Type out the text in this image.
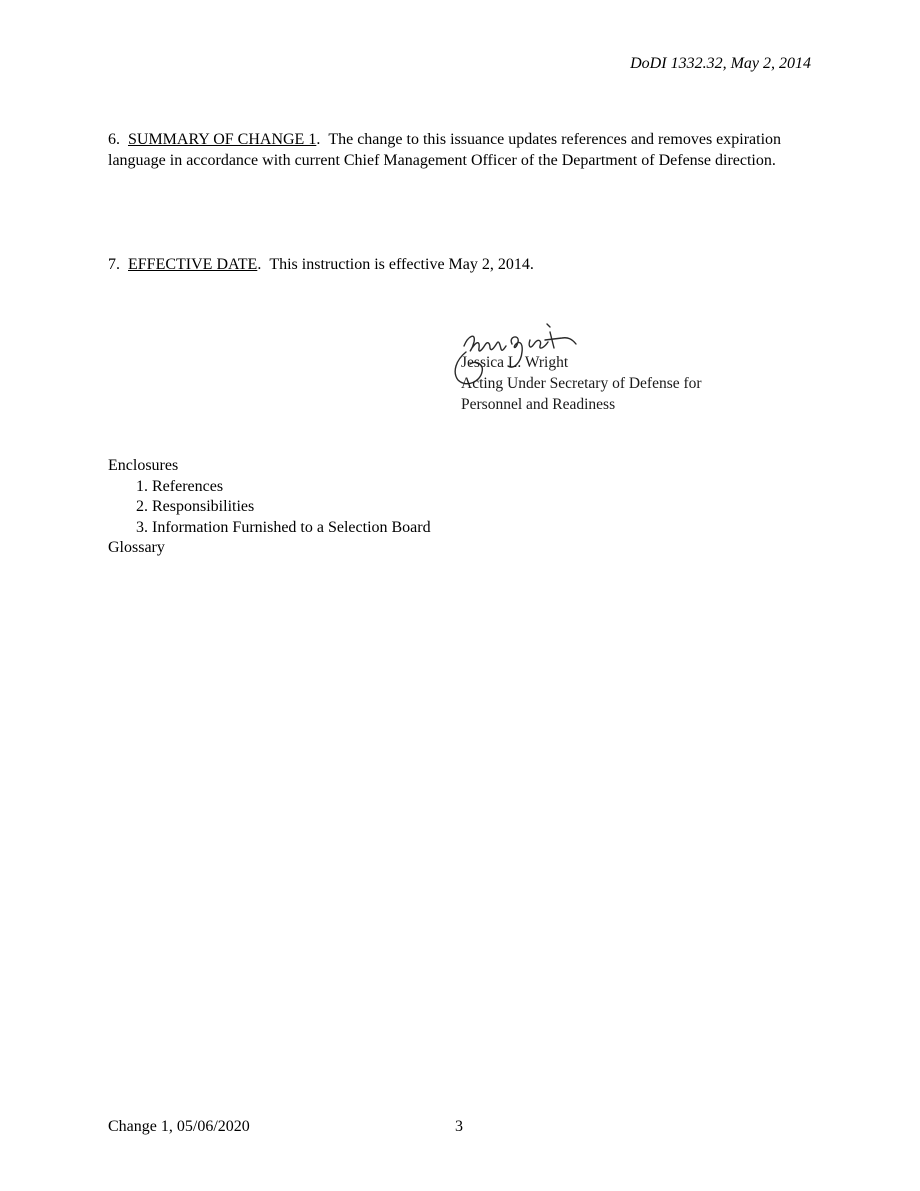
DoDI 1332.32, May 2, 2014
6. SUMMARY OF CHANGE 1.  The change to this issuance updates references and removes expiration language in accordance with current Chief Management Officer of the Department of Defense direction.
7. EFFECTIVE DATE.  This instruction is effective May 2, 2014.
Jessica L. Wright
Acting Under Secretary of Defense for
Personnel and Readiness
Enclosures
1. References
2. Responsibilities
3. Information Furnished to a Selection Board
Glossary
Change 1, 05/06/2020	3
